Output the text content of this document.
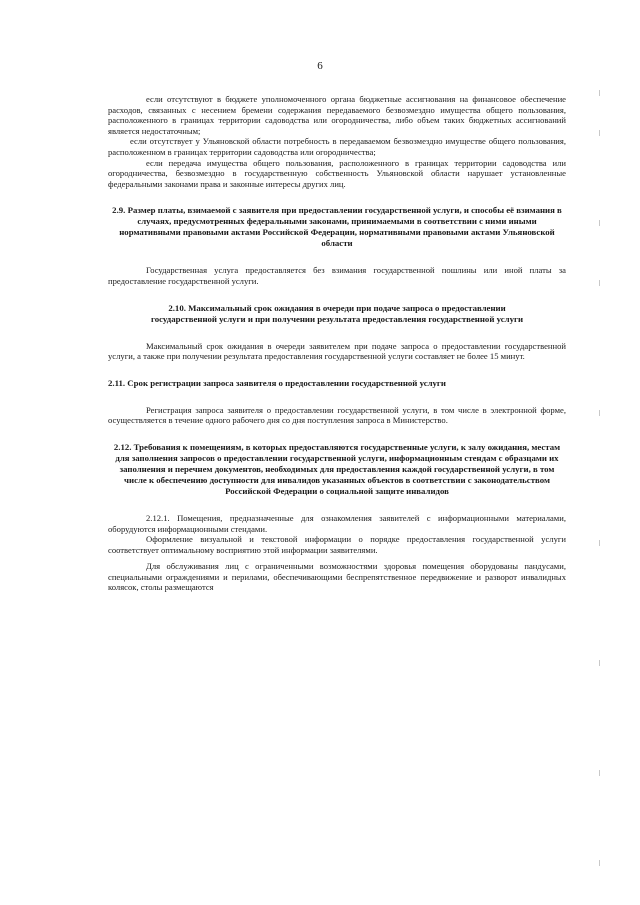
6

если отсутствуют в бюджете уполномоченного органа бюджетные ассигнования на финансовое обеспечение расходов, связанных с несением бремени содержания передаваемого безвозмездно имущества общего пользования, расположенного в границах территории садоводства или огородничества, либо объем таких бюджетных ассигнований является недостаточным;

если отсутствует у Ульяновской области потребность в передаваемом безвозмездно имуществе общего пользования, расположенном в границах территории садоводства или огородничества;

если передача имущества общего пользования, расположенного в границах территории садоводства или огородничества, безвозмездно в государственную собственность Ульяновской области нарушает установленные федеральными законами права и законные интересы других лиц.

2.9. Размер платы, взимаемой с заявителя при предоставлении государственной услуги, и способы её взимания в случаях, предусмотренных федеральными законами, принимаемыми в соответствии с ними иными нормативными правовыми актами Российской Федерации, нормативными правовыми актами Ульяновской области

Государственная услуга предоставляется без взимания государственной пошлины или иной платы за предоставление государственной услуги.

2.10. Максимальный срок ожидания в очереди при подаче запроса о предоставлении государственной услуги и при получении результата предоставления государственной услуги

Максимальный срок ожидания в очереди заявителем при подаче запроса о предоставлении государственной услуги, а также при получении результата предоставления государственной услуги составляет не более 15 минут.

2.11. Срок регистрации запроса заявителя о предоставлении государственной услуги

Регистрация запроса заявителя о предоставлении государственной услуги, в том числе в электронной форме, осуществляется в течение одного рабочего дня со дня поступления запроса в Министерство.

2.12. Требования к помещениям, в которых предоставляются государственные услуги, к залу ожидания, местам для заполнения запросов о предоставлении государственной услуги, информационным стендам с образцами их заполнения и перечнем документов, необходимых для предоставления каждой государственной услуги, в том числе к обеспечению доступности для инвалидов указанных объектов в соответствии с законодательством Российской Федерации о социальной защите инвалидов

2.12.1. Помещения, предназначенные для ознакомления заявителей с информационными материалами, оборудуются информационными стендами.

Оформление визуальной и текстовой информации о порядке предоставления государственной услуги соответствует оптимальному восприятию этой информации заявителями.

Для обслуживания лиц с ограниченными возможностями здоровья помещения оборудованы пандусами, специальными ограждениями и перилами, обеспечивающими беспрепятственное передвижение и разворот инвалидных колясок, столы размещаются
